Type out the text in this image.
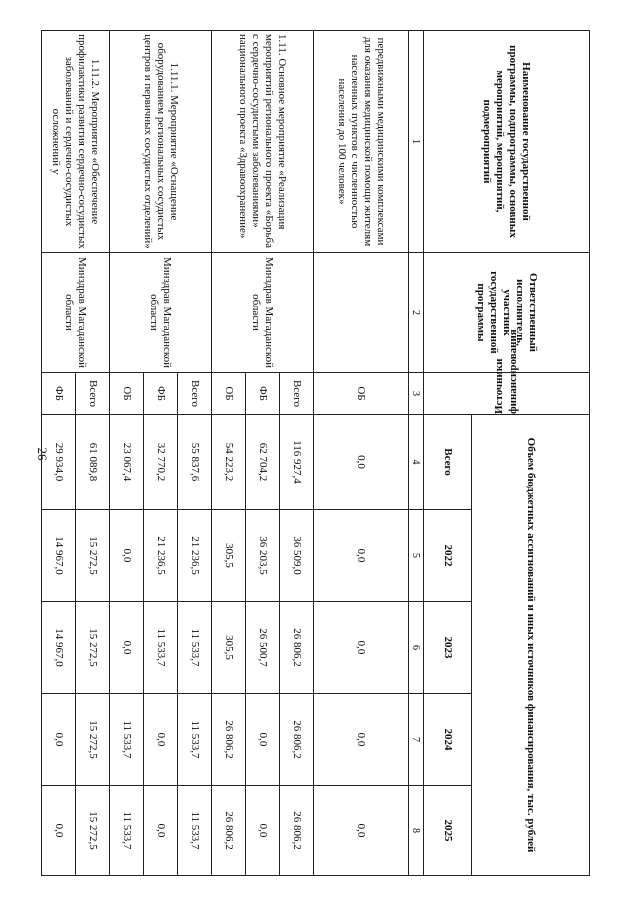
26
Наименование государственной программы, подпрограммы, основных мероприятий, мероприятий, подмероприятий	Ответственный исполнитель, участник государственной программы	Источники финансирования	Объем бюджетных ассигнований и иных источников финансирования, тыс. рублей				
			Всего	2022	2023	2024	2025
1	2	3	4	5	6	7	8
передвижными медицинскими комплексами для оказания медицинской помощи жителям населенных пунктов с численностью населения до 100 человек»		ОБ	0,0	0,0	0,0	0,0	0,0
1.11. Основное мероприятие «Реализация мероприятий регионального проекта «Борьба с сердечно-сосудистыми заболеваниями» национального проекта «Здравоохранение»	Минздрав Магаданской области	Всего	116 927,4	36 509,0	26 806,2	26 806,2	26 806,2
		ФБ	62 704,2	36 203,5	26 500,7	0,0	0,0
		ОБ	54 223,2	305,5	305,5	26 806,2	26 806,2
1.11.1. Мероприятие «Оснащение оборудованием региональных сосудистых центров и первичных сосудистых отделений»	Минздрав Магаданской области	Всего	55 837,6	21 236,5	11 533,7	11 533,7	11 533,7
		ФБ	32 770,2	21 236,5	11 533,7	0,0	0,0
		ОБ	23 067,4	0,0	0,0	11 533,7	11 533,7
1.11.2. Мероприятие «Обеспечение профилактики развития сердечно-сосудистых заболеваний и сердечно-сосудистых осложнений у	Минздрав Магаданской области	Всего	61 089,8	15 272,5	15 272,5	15 272,5	15 272,5
		ФБ	29 934,0	14 967,0	14 967,0	0,0	0,0
